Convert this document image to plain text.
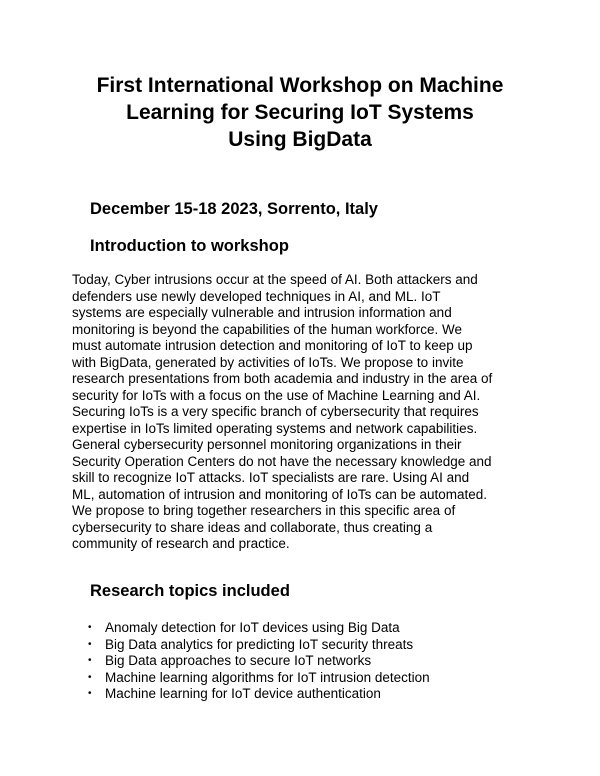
First International Workshop on Machine
Learning for Securing IoT Systems
Using BigData
December 15-18 2023, Sorrento, Italy
Introduction to workshop

Today, Cyber intrusions occur at the speed of AI. Both attackers and
defenders use newly developed techniques in AI, and ML. IoT
systems are especially vulnerable and intrusion information and
monitoring is beyond the capabilities of the human workforce. We
must automate intrusion detection and monitoring of IoT to keep up
with BigData, generated by activities of IoTs. We propose to invite
research presentations from both academia and industry in the area of
security for IoTs with a focus on the use of Machine Learning and AI.
Securing IoTs is a very specific branch of cybersecurity that requires
expertise in IoTs limited operating systems and network capabilities.
General cybersecurity personnel monitoring organizations in their
Security Operation Centers do not have the necessary knowledge and
skill to recognize IoT attacks. IoT specialists are rare. Using AI and
ML, automation of intrusion and monitoring of IoTs can be automated.
We propose to bring together researchers in this specific area of
cybersecurity to share ideas and collaborate, thus creating a
community of research and practice.

Research topics included
• Anomaly detection for IoT devices using Big Data
• Big Data analytics for predicting IoT security threats
• Big Data approaches to secure IoT networks
• Machine learning algorithms for IoT intrusion detection
• Machine learning for IoT device authentication
